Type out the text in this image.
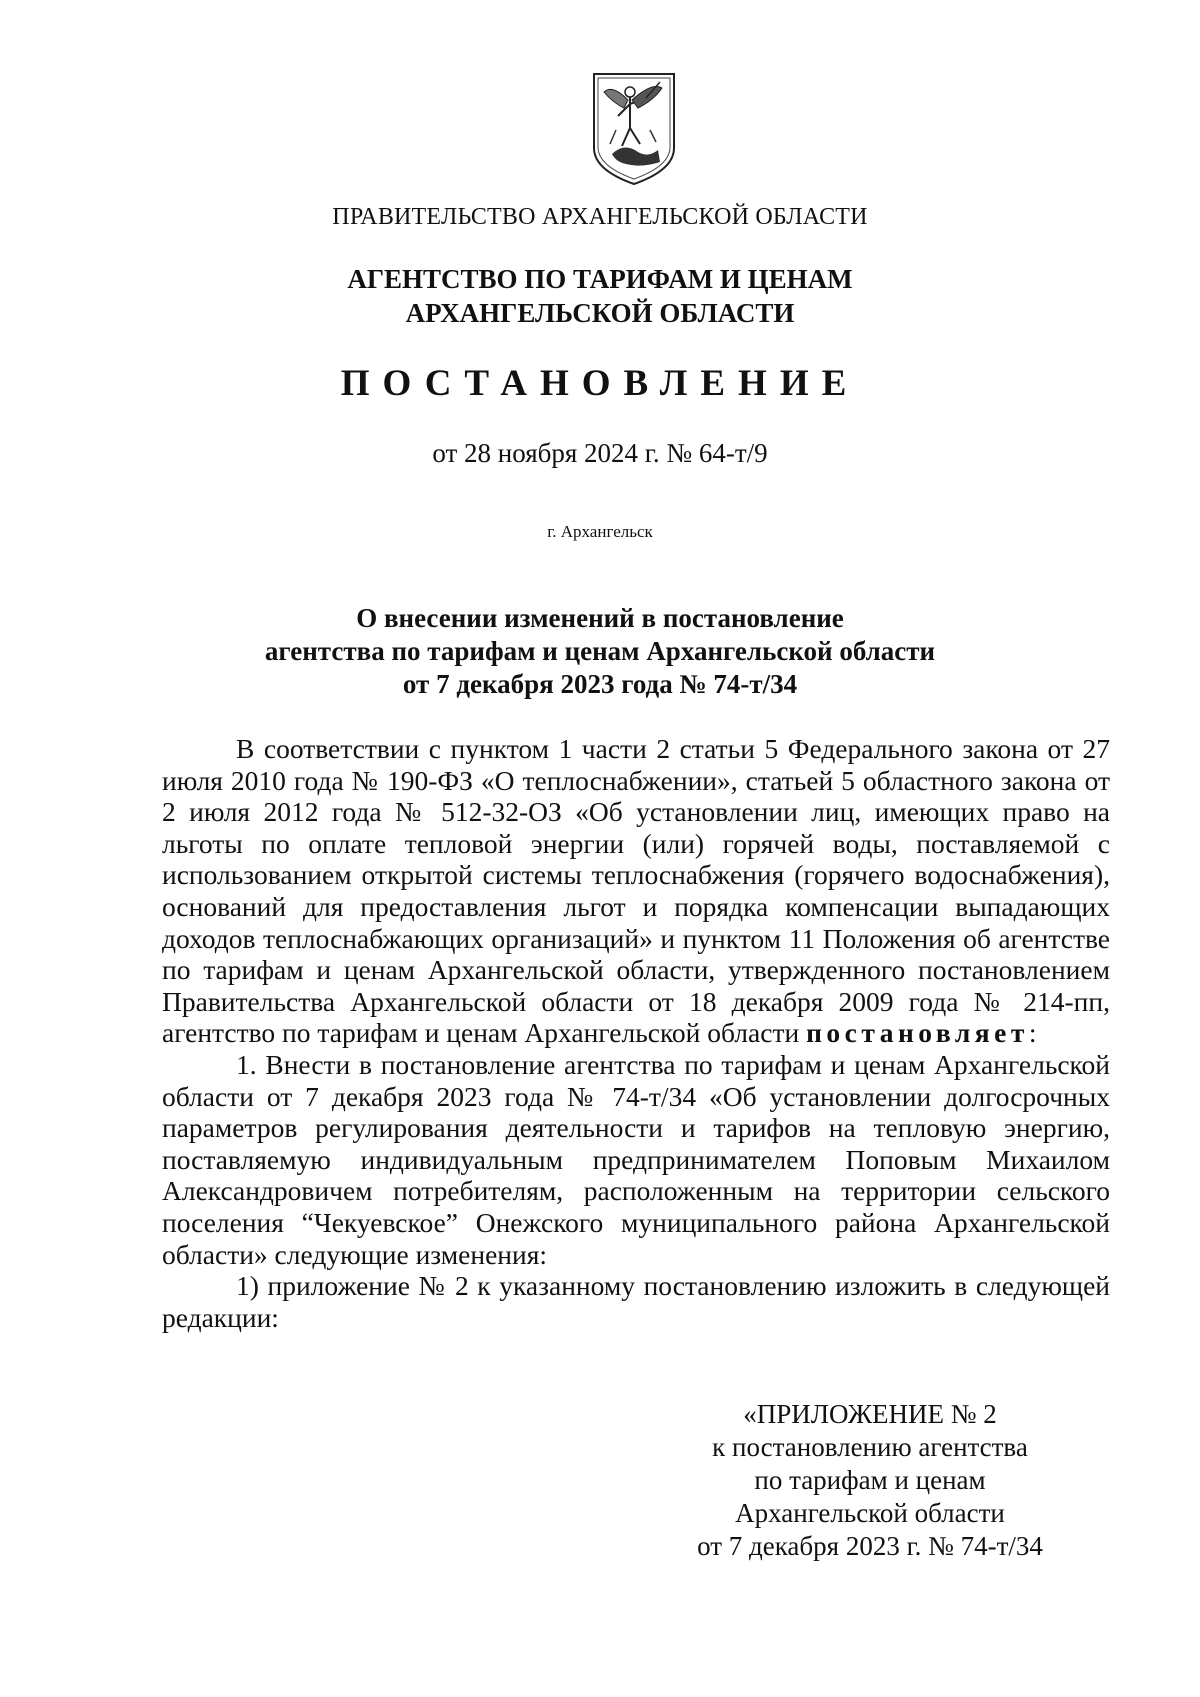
ПРАВИТЕЛЬСТВО АРХАНГЕЛЬСКОЙ ОБЛАСТИ
АГЕНТСТВО ПО ТАРИФАМ И ЦЕНАМ
АРХАНГЕЛЬСКОЙ ОБЛАСТИ
ПОСТАНОВЛЕНИЕ
от 28 ноября 2024 г. № 64-т/9
г. Архангельск
О внесении изменений в постановление
агентства по тарифам и ценам Архангельской области
от 7 декабря 2023 года № 74-т/34

В соответствии с пунктом 1 части 2 статьи 5 Федерального закона от 27 июля 2010 года № 190-ФЗ «О теплоснабжении», статьей 5 областного закона от 2 июля 2012 года № 512-32-ОЗ «Об установлении лиц, имеющих право на льготы по оплате тепловой энергии (или) горячей воды, поставляемой с использованием открытой системы теплоснабжения (горячего водоснабжения), оснований для предоставления льгот и порядка компенсации выпадающих доходов теплоснабжающих организаций» и пунктом 11 Положения об агентстве по тарифам и ценам Архангельской области, утвержденного постановлением Правительства Архангельской области от 18 декабря 2009 года № 214-пп, агентство по тарифам и ценам Архангельской области постановляет:

1. Внести в постановление агентства по тарифам и ценам Архангельской области от 7 декабря 2023 года № 74-т/34 «Об установлении долгосрочных параметров регулирования деятельности и тарифов на тепловую энергию, поставляемую индивидуальным предпринимателем Поповым Михаилом Александровичем потребителям, расположенным на территории сельского поселения “Чекуевское” Онежского муниципального района Архангельской области» следующие изменения:

1) приложение № 2 к указанному постановлению изложить в следующей редакции:

«ПРИЛОЖЕНИЕ № 2
к постановлению агентства
по тарифам и ценам
Архангельской области
от 7 декабря 2023 г. № 74-т/34
